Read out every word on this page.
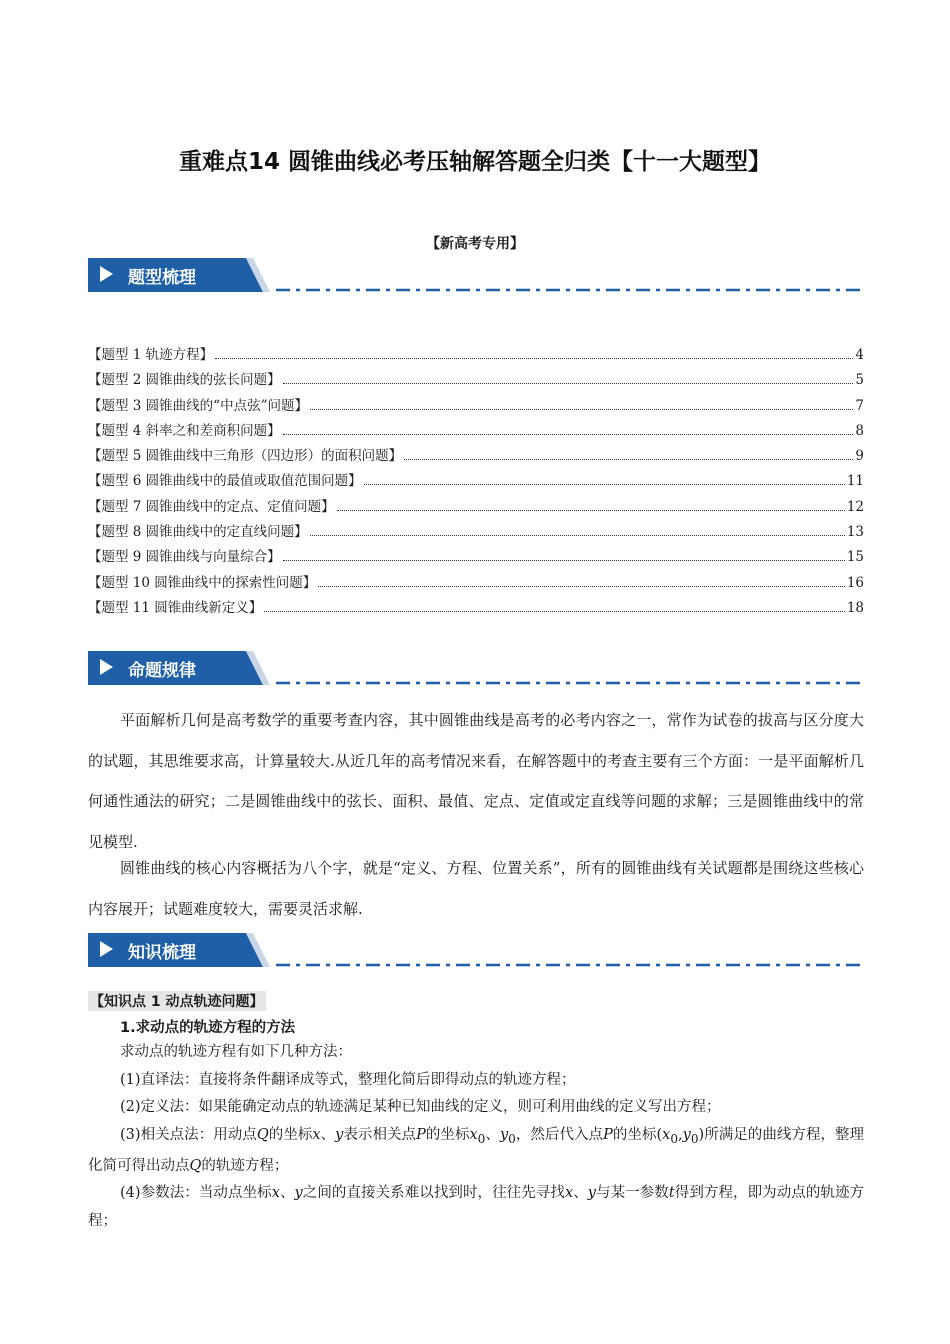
重难点14 圆锥曲线必考压轴解答题全归类【十一大题型】
【新高考专用】
题型梳理
【题型 1 轨迹方程】	4
【题型 2 圆锥曲线的弦长问题】	5
【题型 3 圆锥曲线的“中点弦”问题】	7
【题型 4 斜率之和差商积问题】	8
【题型 5 圆锥曲线中三角形（四边形）的面积问题】	9
【题型 6 圆锥曲线中的最值或取值范围问题】	11
【题型 7 圆锥曲线中的定点、定值问题】	12
【题型 8 圆锥曲线中的定直线问题】	13
【题型 9 圆锥曲线与向量综合】	15
【题型 10 圆锥曲线中的探索性问题】	16
【题型 11 圆锥曲线新定义】	18
命题规律
平面解析几何是高考数学的重要考查内容，其中圆锥曲线是高考的必考内容之一，常作为试卷的拔高与区分度大的试题，其思维要求高，计算量较大.从近几年的高考情况来看，在解答题中的考查主要有三个方面：一是平面解析几何通性通法的研究；二是圆锥曲线中的弦长、面积、最值、定点、定值或定直线等问题的求解；三是圆锥曲线中的常见模型.
圆锥曲线的核心内容概括为八个字，就是“定义、方程、位置关系”，所有的圆锥曲线有关试题都是围绕这些核心内容展开；试题难度较大，需要灵活求解.
知识梳理
【知识点 1 动点轨迹问题】
1.求动点的轨迹方程的方法

求动点的轨迹方程有如下几种方法：

(1)直译法：直接将条件翻译成等式，整理化简后即得动点的轨迹方程；

(2)定义法：如果能确定动点的轨迹满足某种已知曲线的定义，则可利用曲线的定义写出方程；

(3)相关点法：用动点Q的坐标x、y表示相关点P的坐标$x_0$、$y_0$，然后代入点P的坐标$(x_0,y_0)$所满足的曲线方程，整理化简可得出动点Q的轨迹方程；

(4)参数法：当动点坐标x、y之间的直接关系难以找到时，往往先寻找x、y与某一参数t得到方程，即为动点的轨迹方程；
